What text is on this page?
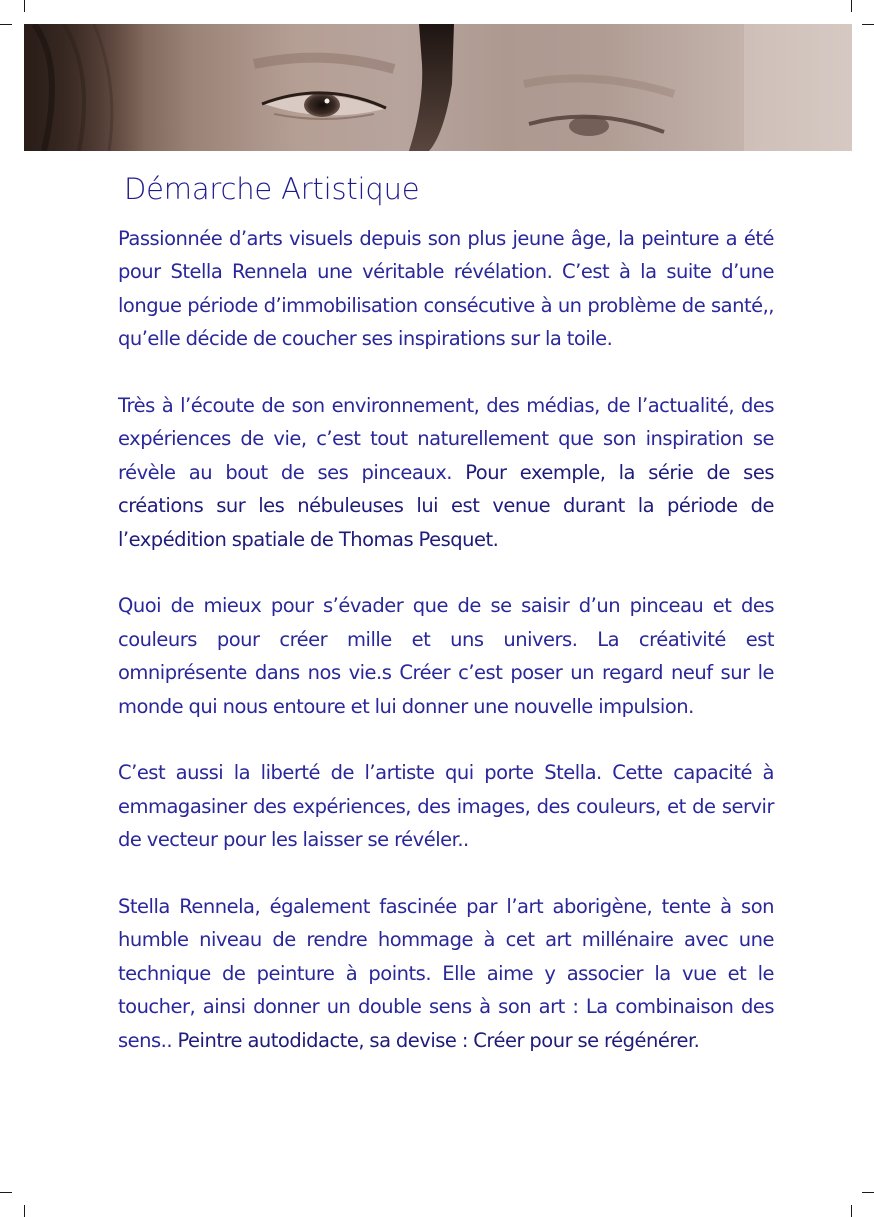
Démarche Artistique

Passionnée d’arts visuels depuis son plus jeune âge, la peinture a été pour Stella Rennela une véritable révélation. C’est à la suite d’une longue période d’immobilisation consécutive à un problème de santé,, qu’elle décide de coucher ses inspirations sur la toile.

Très à l’écoute de son environnement, des médias, de l’actualité, des expériences de vie, c’est tout naturellement que son inspiration se révèle au bout de ses pinceaux. Pour exemple, la série de ses créations sur les nébuleuses lui est venue durant la période de l’expédition spatiale de Thomas Pesquet.

Quoi de mieux pour s’évader que de se saisir d’un pinceau et des couleurs pour créer mille et uns univers. La créativité est omniprésente dans nos vie.s Créer c’est poser un regard neuf sur le monde qui nous entoure et lui donner une nouvelle impulsion.

C’est aussi la liberté de l’artiste qui porte Stella. Cette capacité à emmagasiner des expériences, des images, des couleurs, et de servir de vecteur pour les laisser se révéler..

Stella Rennela, également fascinée par l’art aborigène, tente à son humble niveau de rendre hommage à cet art millénaire avec une technique de peinture à points. Elle aime y associer la vue et le toucher, ainsi donner un double sens à son art : La combinaison des sens.. Peintre autodidacte, sa devise : Créer pour se régénérer.
